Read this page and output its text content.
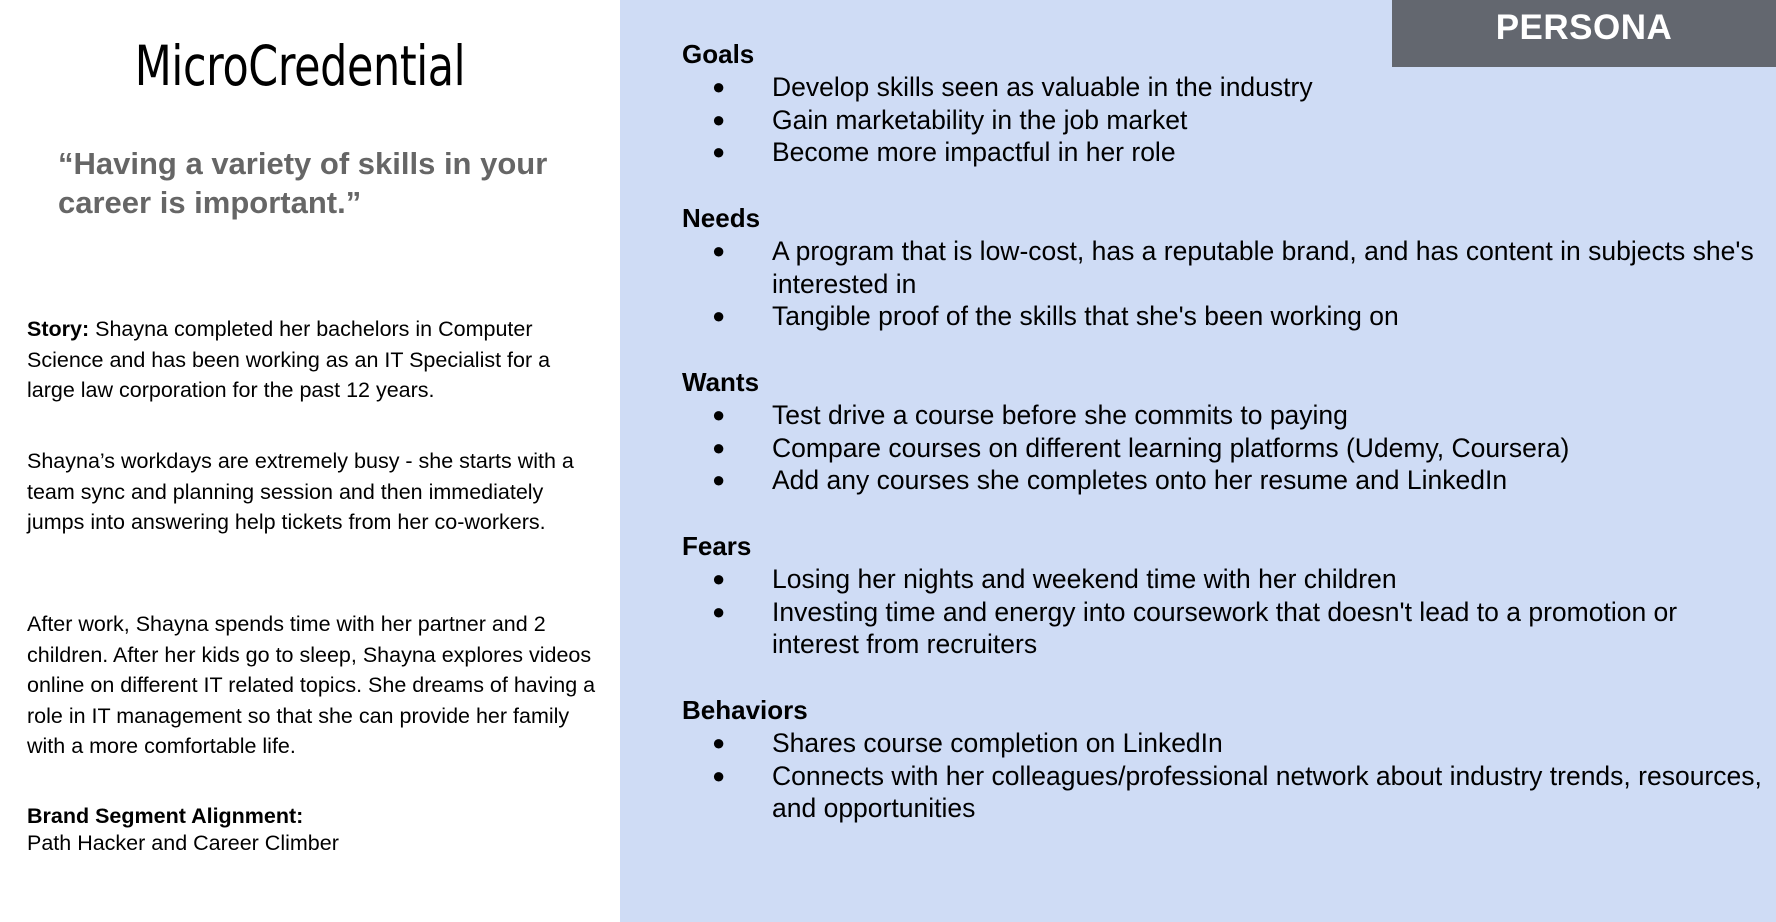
MicroCredential
“Having a variety of skills in your career is important.”
Story: Shayna completed her bachelors in Computer Science and has been working as an IT Specialist for a large law corporation for the past 12 years.
Shayna’s workdays are extremely busy - she starts with a team sync and planning session and then immediately jumps into answering help tickets from her co-workers.
After work, Shayna spends time with her partner and 2 children. After her kids go to sleep, Shayna explores videos online on different IT related topics. She dreams of having a role in IT management so that she can provide her family with a more comfortable life.
Brand Segment Alignment:
Path Hacker and Career Climber
PERSONA
Goals
● Develop skills seen as valuable in the industry
● Gain marketability in the job market
● Become more impactful in her role
Needs
● A program that is low-cost, has a reputable brand, and has content in subjects she's interested in
● Tangible proof of the skills that she's been working on
Wants
● Test drive a course before she commits to paying
● Compare courses on different learning platforms (Udemy, Coursera)
● Add any courses she completes onto her resume and LinkedIn
Fears
● Losing her nights and weekend time with her children
● Investing time and energy into coursework that doesn't lead to a promotion or interest from recruiters
Behaviors
● Shares course completion on LinkedIn
● Connects with her colleagues/professional network about industry trends, resources, and opportunities
